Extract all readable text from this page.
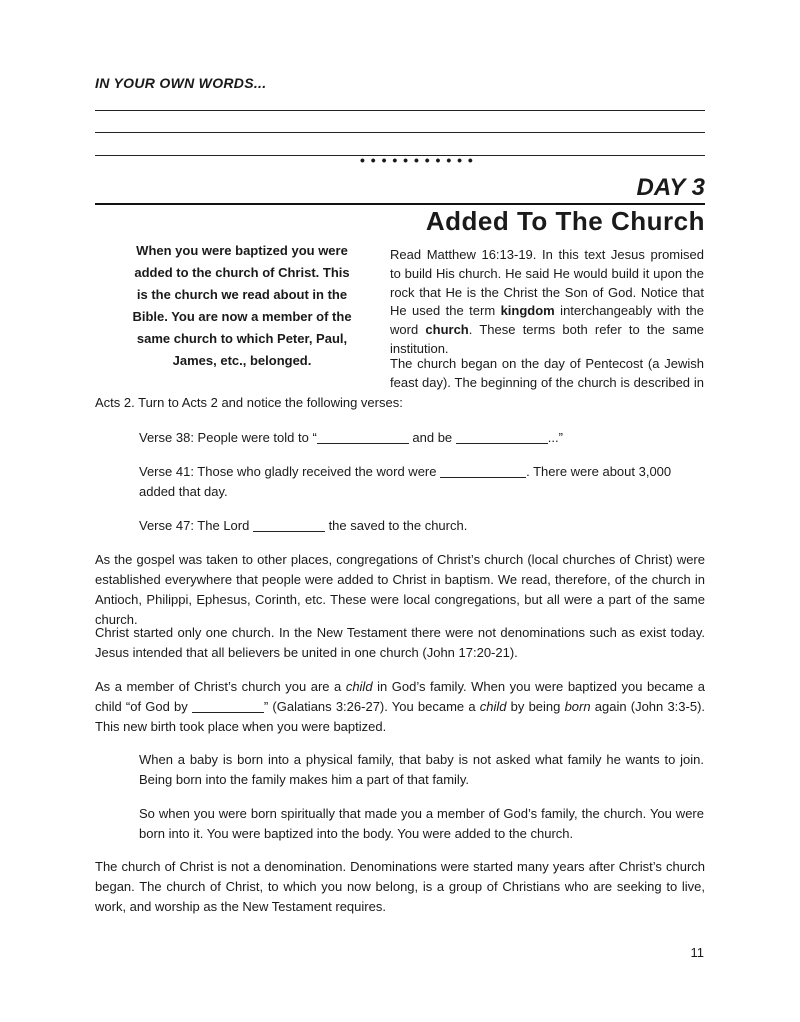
IN YOUR OWN WORDS...
• • • • • • • • • • •
DAY 3
Added To The Church
When you were baptized you were added to the church of Christ. This is the church we read about in the Bible. You are now a member of the same church to which Peter, Paul, James, etc., belonged.
Read Matthew 16:13-19. In this text Jesus promised to build His church. He said He would build it upon the rock that He is the Christ the Son of God. Notice that He used the term kingdom interchangeably with the word church. These terms both refer to the same institution.
The church began on the day of Pentecost (a Jewish feast day). The beginning of the church is described in
Acts 2. Turn to Acts 2 and notice the following verses:
Verse 38: People were told to “	and be	...”
Verse 41: Those who gladly received the word were	. There were about 3,000 added that day.
Verse 47: The Lord	the saved to the church.
As the gospel was taken to other places, congregations of Christ’s church (local churches of Christ) were established everywhere that people were added to Christ in baptism. We read, therefore, of the church in Antioch, Philippi, Ephesus, Corinth, etc. These were local congregations, but all were a part of the same church.
Christ started only one church. In the New Testament there were not denominations such as exist today. Jesus intended that all believers be united in one church (John 17:20-21).
As a member of Christ’s church you are a child in God’s family. When you were baptized you became a child “of God by	” (Galatians 3:26-27). You became a child by being born again (John 3:3-5). This new birth took place when you were baptized.
When a baby is born into a physical family, that baby is not asked what family he wants to join. Being born into the family makes him a part of that family.
So when you were born spiritually that made you a member of God’s family, the church. You were born into it. You were baptized into the body. You were added to the church.
The church of Christ is not a denomination. Denominations were started many years after Christ’s church began. The church of Christ, to which you now belong, is a group of Christians who are seeking to live, work, and worship as the New Testament requires.
11
